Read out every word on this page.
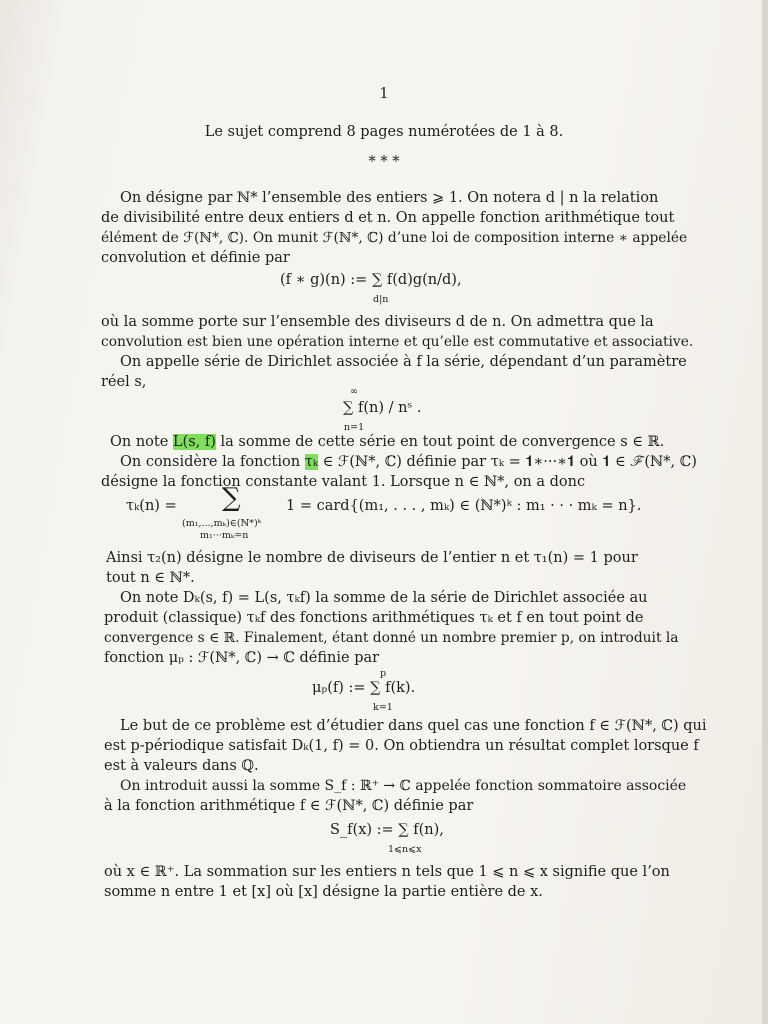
1
Le sujet comprend 8 pages numérotées de 1 à 8.
* * *
On désigne par ℕ* l’ensemble des entiers ⩾ 1. On notera d | n la relation
de divisibilité entre deux entiers d et n. On appelle fonction arithmétique tout
élément de ℱ(ℕ*, ℂ). On munit ℱ(ℕ*, ℂ) d’une loi de composition interne ∗ appelée
convolution et définie par
(f ∗ g)(n) := ∑ f(d)g(n/d),
d|n
où la somme porte sur l’ensemble des diviseurs d de n. On admettra que la
convolution est bien une opération interne et qu’elle est commutative et associative.
On appelle série de Dirichlet associée à f la série, dépendant d’un paramètre
réel s,
∞
∑ f(n) / nˢ .
n=1
On note L(s, f) la somme de cette série en tout point de convergence s ∈ ℝ.
On considère la fonction τₖ ∈ ℱ(ℕ*, ℂ) définie par τₖ = 𝟏∗···∗𝟏 où 𝟏 ∈ ℱ(ℕ*, ℂ)
désigne la fonction constante valant 1. Lorsque n ∈ ℕ*, on a donc
τₖ(n) = ∑	1 = card{(m₁, . . . , mₖ) ∈ (ℕ*)ᵏ : m₁ · · · mₖ = n}.
(m₁,...,mₖ)∈(ℕ*)ᵏ
m₁···mₖ=n
Ainsi τ₂(n) désigne le nombre de diviseurs de l’entier n et τ₁(n) = 1 pour
tout n ∈ ℕ*.
On note Dₖ(s, f) = L(s, τₖf) la somme de la série de Dirichlet associée au
produit (classique) τₖf des fonctions arithmétiques τₖ et f en tout point de
convergence s ∈ ℝ. Finalement, étant donné un nombre premier p, on introduit la
fonction μₚ : ℱ(ℕ*, ℂ) → ℂ définie par
p
μₚ(f) := ∑ f(k).
k=1
Le but de ce problème est d’étudier dans quel cas une fonction f ∈ ℱ(ℕ*, ℂ) qui
est p-périodique satisfait Dₖ(1, f) = 0. On obtiendra un résultat complet lorsque f
est à valeurs dans ℚ.
On introduit aussi la somme S_f : ℝ⁺ → ℂ appelée fonction sommatoire associée
à la fonction arithmétique f ∈ ℱ(ℕ*, ℂ) définie par
S_f(x) := ∑ f(n),
1⩽n⩽x
où x ∈ ℝ⁺. La sommation sur les entiers n tels que 1 ⩽ n ⩽ x signifie que l’on
somme n entre 1 et [x] où [x] désigne la partie entière de x.
